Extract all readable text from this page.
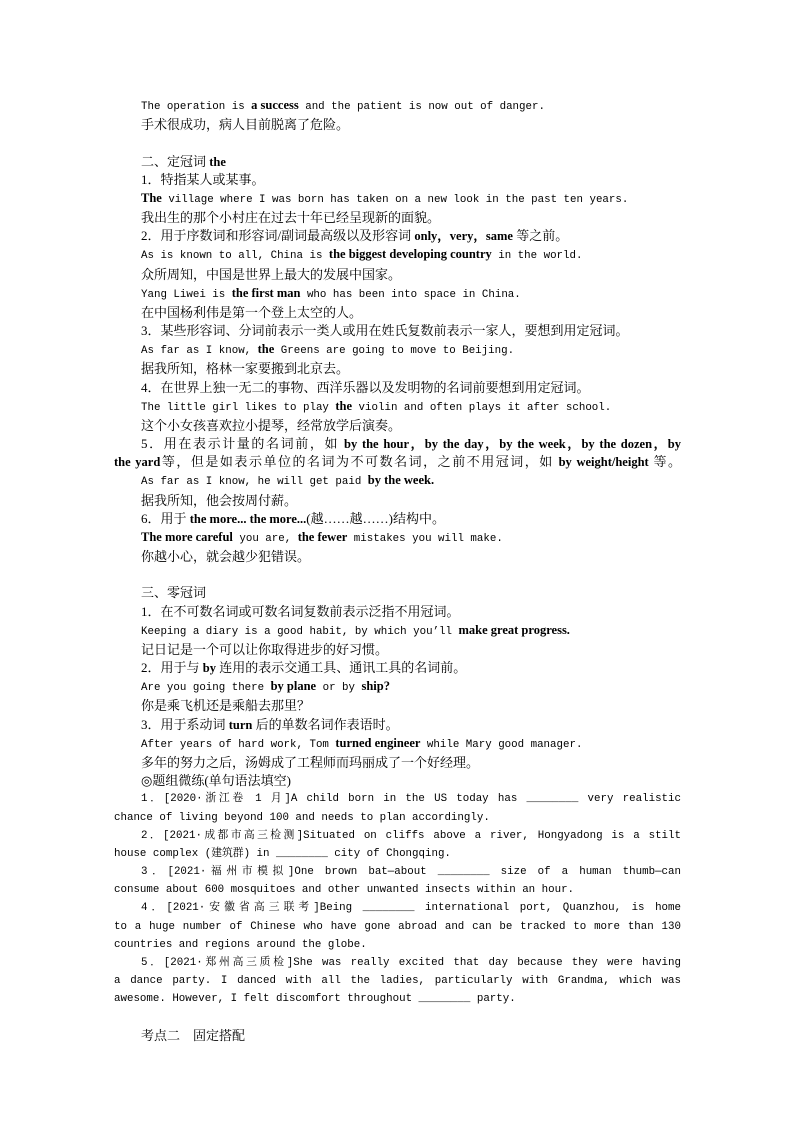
The operation is a success and the patient is now out of danger.
手术很成功，病人目前脱离了危险。
二、定冠词 the
1．特指某人或某事。
The village where I was born has taken on a new look in the past ten years.
我出生的那个小村庄在过去十年已经呈现新的面貌。
2．用于序数词和形容词/副词最高级以及形容词 only，very，same 等之前。
As is known to all, China is the biggest developing country in the world.
众所周知，中国是世界上最大的发展中国家。
Yang Liwei is the first man who has been into space in China.
在中国杨利伟是第一个登上太空的人。
3．某些形容词、分词前表示一类人或用在姓氏复数前表示一家人，要想到用定冠词。
As far as I know, the Greens are going to move to Beijing.
据我所知，格林一家要搬到北京去。
4．在世界上独一无二的事物、西洋乐器以及发明物的名词前要想到用定冠词。
The little girl likes to play the violin and often plays it after school.
这个小女孩喜欢拉小提琴，经常放学后演奏。
5．用在表示计量的名词前，如 by the hour，by the day，by the week，by the dozen，by
the yard等，但是如表示单位的名词为不可数名词，之前不用冠词，如 by weight/height 等。
As far as I know, he will get paid by the week.
据我所知，他会按周付薪。
6．用于 the more... the more...(越……越……)结构中。
The more careful you are, the fewer mistakes you will make.
你越小心，就会越少犯错误。
三、零冠词
1．在不可数名词或可数名词复数前表示泛指不用冠词。
Keeping a diary is a good habit, by which you’ll make great progress.
记日记是一个可以让你取得进步的好习惯。
2．用于与 by 连用的表示交通工具、通讯工具的名词前。
Are you going there by plane or by ship?
你是乘飞机还是乘船去那里？
3．用于系动词 turn 后的单数名词作表语时。
After years of hard work, Tom turned engineer while Mary good manager.
多年的努力之后，汤姆成了工程师而玛丽成了一个好经理。
◎题组微练(单句语法填空)
1．[2020·浙江卷 1 月]A child born in the US today has ________ very realistic
chance of living beyond 100 and needs to plan accordingly.
2．[2021·成都市高三检测]Situated on cliffs above a river, Hongyadong is a stilt
house complex (建筑群) in ________ city of Chongqing.
3．[2021·福州市模拟]One brown bat—about ________ size of a human thumb—can
consume about 600 mosquitoes and other unwanted insects within an hour.
4．[2021·安徽省高三联考]Being ________ international port, Quanzhou, is home
to a huge number of Chinese who have gone abroad and can be tracked to more than 130
countries and regions around the globe.
5．[2021·郑州高三质检]She was really excited that day because they were having
a dance party. I danced with all the ladies, particularly with Grandma, which was
awesome. However, I felt discomfort throughout ________ party.
考点二　固定搭配
